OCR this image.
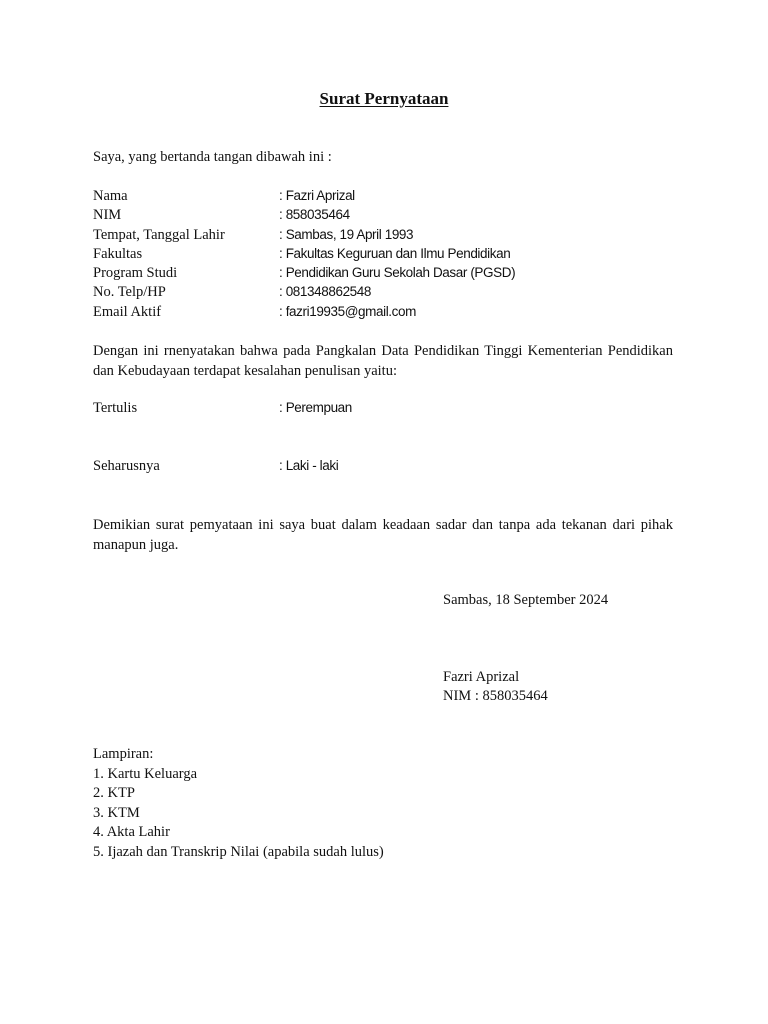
Surat Pernyataan
Saya, yang bertanda tangan dibawah ini :
Nama	: Fazri Aprizal
NIM	: 858035464
Tempat, Tanggal Lahir	: Sambas, 19 April 1993
Fakultas	: Fakultas Keguruan dan Ilmu Pendidikan
Program Studi	: Pendidikan Guru Sekolah Dasar (PGSD)
No. Telp/HP	: 081348862548
Email Aktif	: fazri19935@gmail.com
Dengan ini rnenyatakan bahwa pada Pangkalan Data Pendidikan Tinggi Kementerian Pendidikan dan Kebudayaan terdapat kesalahan penulisan yaitu:
Tertulis	: Perempuan
Seharusnya	: Laki - laki
Demikian surat pemyataan ini saya buat dalam keadaan sadar dan tanpa ada tekanan dari pihak manapun juga.
Sambas, 18 September 2024
Fazri Aprizal
NIM : 858035464
Lampiran:
1. Kartu Keluarga
2. KTP
3. KTM
4. Akta Lahir
5. Ijazah dan Transkrip Nilai (apabila sudah lulus)
